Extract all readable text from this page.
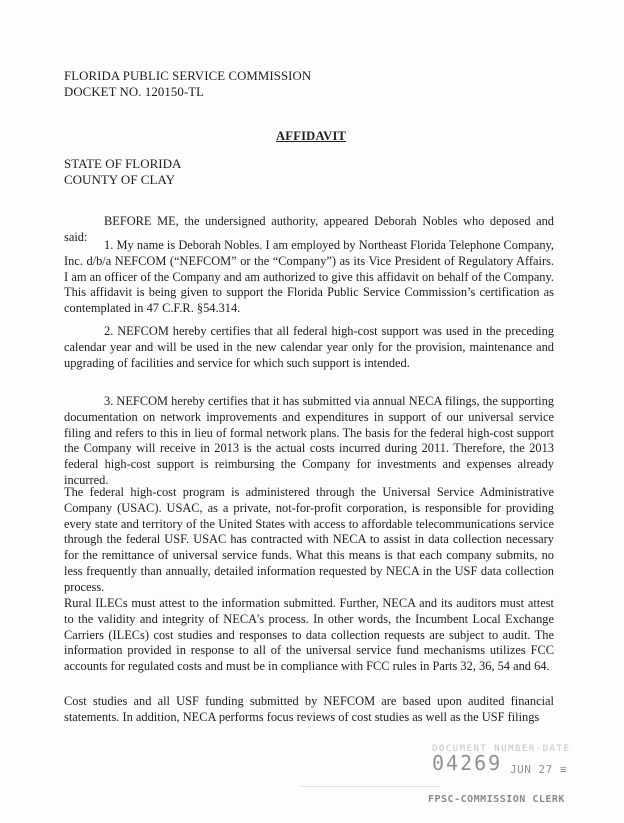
FLORIDA PUBLIC SERVICE COMMISSION
DOCKET NO. 120150-TL
AFFIDAVIT
STATE OF FLORIDA
COUNTY OF CLAY

BEFORE ME, the undersigned authority, appeared Deborah Nobles who deposed and said:

1. My name is Deborah Nobles. I am employed by Northeast Florida Telephone Company, Inc. d/b/a NEFCOM (“NEFCOM” or the “Company”) as its Vice President of Regulatory Affairs. I am an officer of the Company and am authorized to give this affidavit on behalf of the Company. This affidavit is being given to support the Florida Public Service Commission’s certification as contemplated in 47 C.F.R. §54.314.

2. NEFCOM hereby certifies that all federal high-cost support was used in the preceding calendar year and will be used in the new calendar year only for the provision, maintenance and upgrading of facilities and service for which such support is intended.

3. NEFCOM hereby certifies that it has submitted via annual NECA filings, the supporting documentation on network improvements and expenditures in support of our universal service filing and refers to this in lieu of formal network plans. The basis for the federal high-cost support the Company will receive in 2013 is the actual costs incurred during 2011. Therefore, the 2013 federal high-cost support is reimbursing the Company for investments and expenses already incurred.

The federal high-cost program is administered through the Universal Service Administrative Company (USAC). USAC, as a private, not-for-profit corporation, is responsible for providing every state and territory of the United States with access to affordable telecommunications service through the federal USF. USAC has contracted with NECA to assist in data collection necessary for the remittance of universal service funds. What this means is that each company submits, no less frequently than annually, detailed information requested by NECA in the USF data collection process.

Rural ILECs must attest to the information submitted. Further, NECA and its auditors must attest to the validity and integrity of NECA's process. In other words, the Incumbent Local Exchange Carriers (ILECs) cost studies and responses to data collection requests are subject to audit. The information provided in response to all of the universal service fund mechanisms utilizes FCC accounts for regulated costs and must be in compliance with FCC rules in Parts 32, 36, 54 and 64.

Cost studies and all USF funding submitted by NEFCOM are based upon audited financial statements. In addition, NECA performs focus reviews of cost studies as well as the USF filings

DOCUMENT NUMBER-DATE
04269 JUN 27 ≌
FPSC-COMMISSION CLERK
